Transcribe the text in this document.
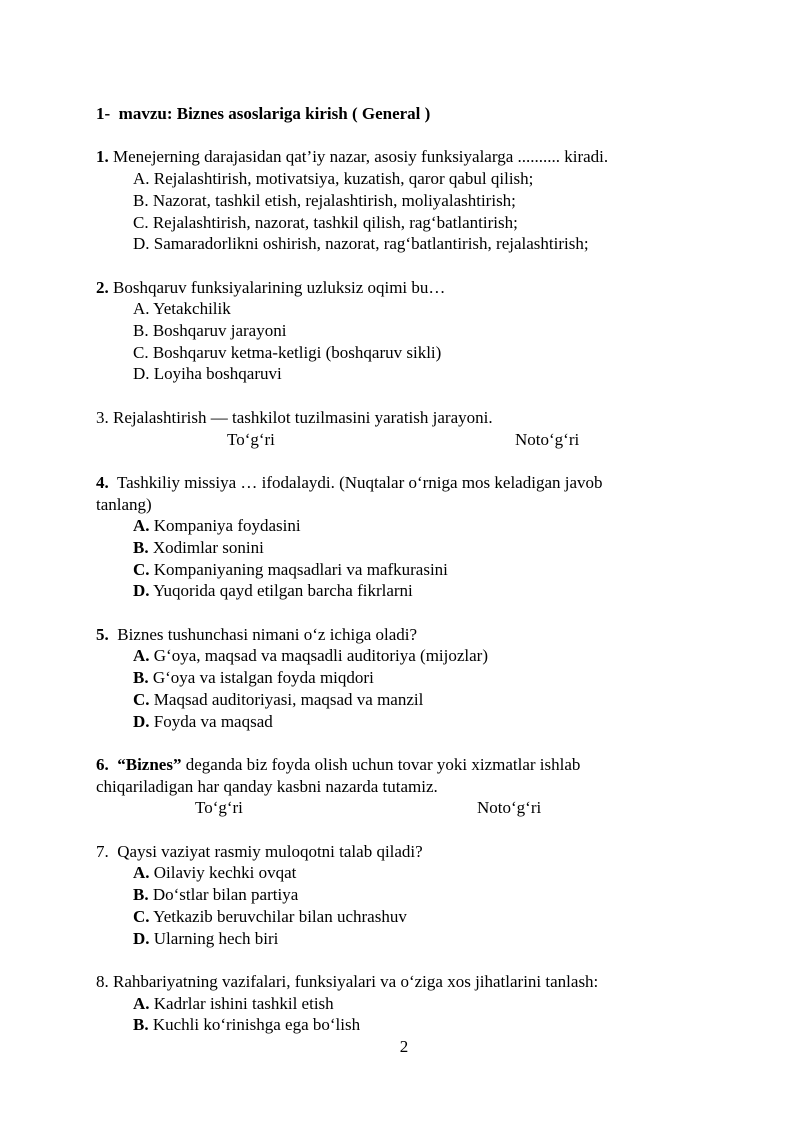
1-  mavzu: Biznes asoslariga kirish ( General )

1. Menejerning darajasidan qat’iy nazar, asosiy funksiyalarga .......... kiradi.

A. Rejalashtirish, motivatsiya, kuzatish, qaror qabul qilish;
B. Nazorat, tashkil etish, rejalashtirish, moliyalashtirish;
C. Rejalashtirish, nazorat, tashkil qilish, ragʻbatlantirish;
D. Samaradorlikni oshirish, nazorat, ragʻbatlantirish, rejalashtirish;

2. Boshqaruv funksiyalarining uzluksiz oqimi bu…

A. Yetakchilik
B. Boshqaruv jarayoni
C. Boshqaruv ketma-ketligi (boshqaruv sikli)
D. Loyiha boshqaruvi

3. Rejalashtirish — tashkilot tuzilmasini yaratish jarayoni.

Toʻgʻri	Notoʻgʻri

4.  Tashkiliy missiya … ifodalaydi. (Nuqtalar oʻrniga mos keladigan javob
tanlang)

A. Kompaniya foydasini
B. Xodimlar sonini
C. Kompaniyaning maqsadlari va mafkurasini
D. Yuqorida qayd etilgan barcha fikrlarni

5.  Biznes tushunchasi nimani oʻz ichiga oladi?

A. Gʻoya, maqsad va maqsadli auditoriya (mijozlar)
B. Gʻoya va istalgan foyda miqdori
C. Maqsad auditoriyasi, maqsad va manzil
D. Foyda va maqsad

6. “Biznes” deganda biz foyda olish uchun tovar yoki xizmatlar ishlab
chiqariladigan har qanday kasbni nazarda tutamiz.

Toʻgʻri	Notoʻgʻri

7.  Qaysi vaziyat rasmiy muloqotni talab qiladi?

A. Oilaviy kechki ovqat
B. Doʻstlar bilan partiya
C. Yetkazib beruvchilar bilan uchrashuv
D. Ularning hech biri

8. Rahbariyatning vazifalari, funksiyalari va oʻziga xos jihatlarini tanlash:

A. Kadrlar ishini tashkil etish
B. Kuchli koʻrinishga ega boʻlish
2
